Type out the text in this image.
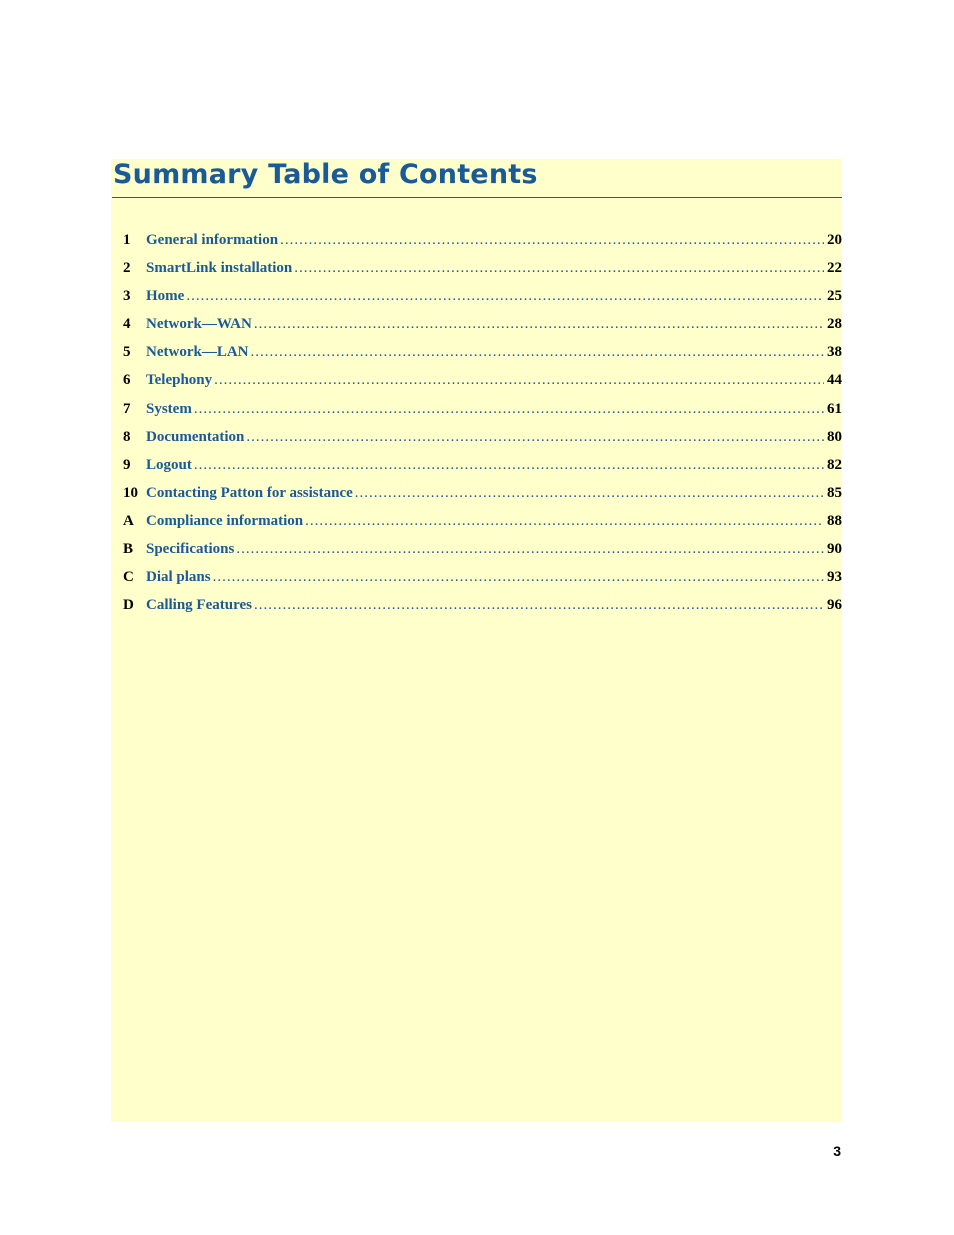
Summary Table of Contents
1	General information .....	20
2	SmartLink installation .....	22
3	Home .....	25
4	Network—WAN .....	28
5	Network—LAN .....	38
6	Telephony .....	44
7	System .....	61
8	Documentation .....	80
9	Logout .....	82
10 Contacting Patton for assistance .....	85
A Compliance information .....	88
B Specifications .....	90
C Dial plans .....	93
D Calling Features .....	96
3
